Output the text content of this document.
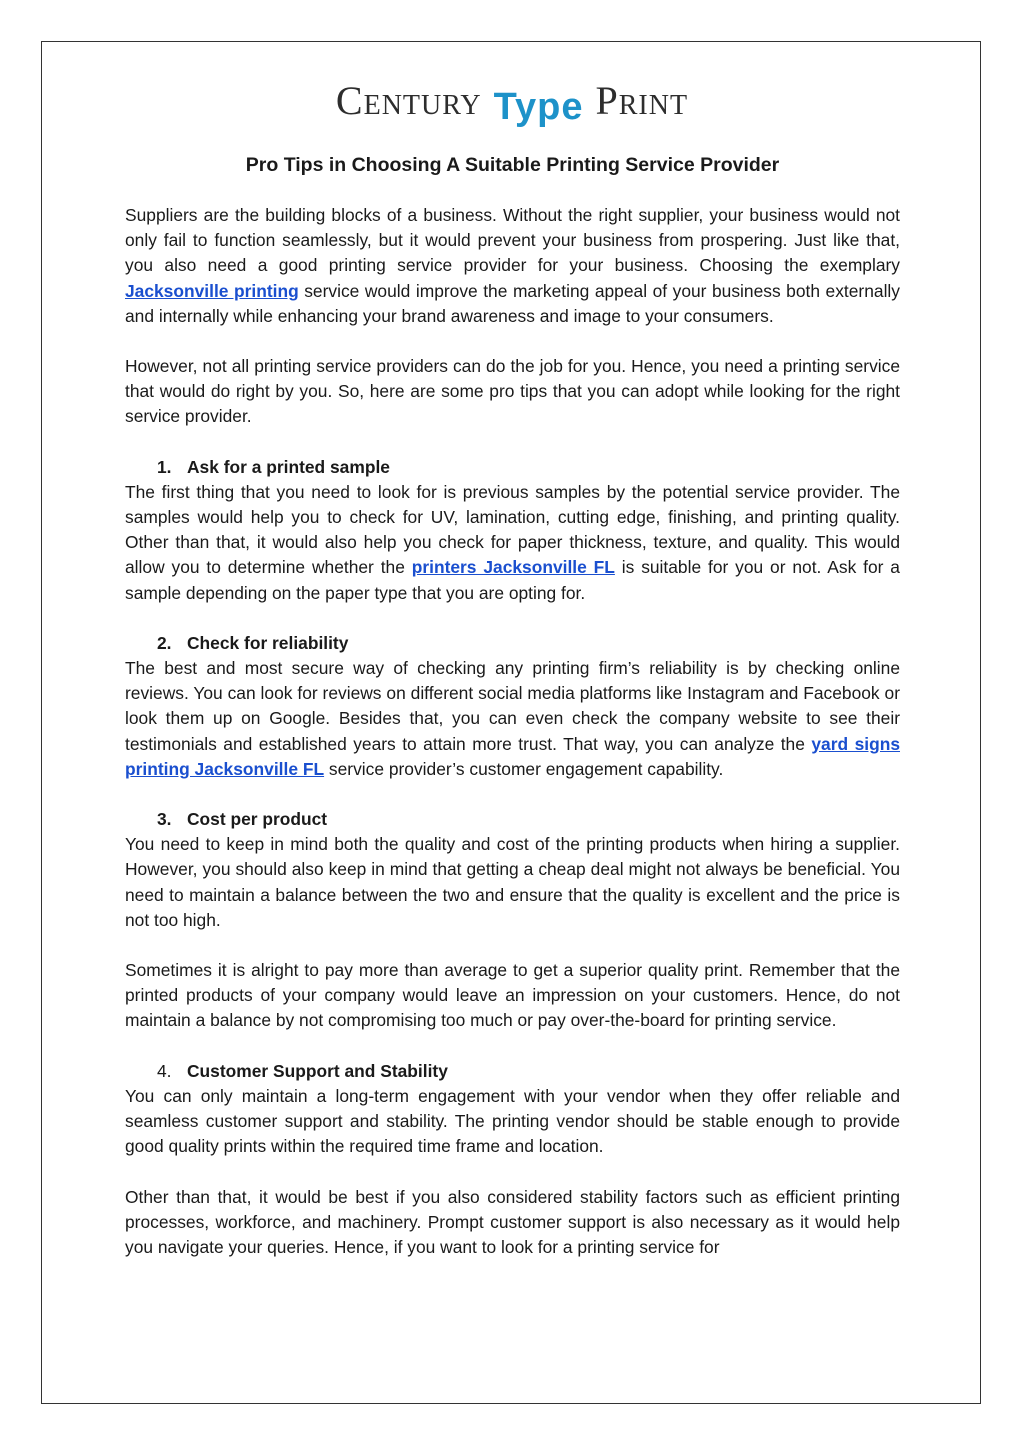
Century Type Print
Pro Tips in Choosing A Suitable Printing Service Provider

Suppliers are the building blocks of a business. Without the right supplier, your business would not only fail to function seamlessly, but it would prevent your business from prospering. Just like that, you also need a good printing service provider for your business. Choosing the exemplary Jacksonville printing service would improve the marketing appeal of your business both externally and internally while enhancing your brand awareness and image to your consumers.

However, not all printing service providers can do the job for you. Hence, you need a printing service that would do right by you. So, here are some pro tips that you can adopt while looking for the right service provider.

1. Ask for a printed sample

The first thing that you need to look for is previous samples by the potential service provider. The samples would help you to check for UV, lamination, cutting edge, finishing, and printing quality. Other than that, it would also help you check for paper thickness, texture, and quality. This would allow you to determine whether the printers Jacksonville FL is suitable for you or not. Ask for a sample depending on the paper type that you are opting for.

2. Check for reliability

The best and most secure way of checking any printing firm’s reliability is by checking online reviews. You can look for reviews on different social media platforms like Instagram and Facebook or look them up on Google. Besides that, you can even check the company website to see their testimonials and established years to attain more trust. That way, you can analyze the yard signs printing Jacksonville FL service provider’s customer engagement capability.

3. Cost per product

You need to keep in mind both the quality and cost of the printing products when hiring a supplier. However, you should also keep in mind that getting a cheap deal might not always be beneficial. You need to maintain a balance between the two and ensure that the quality is excellent and the price is not too high.

Sometimes it is alright to pay more than average to get a superior quality print. Remember that the printed products of your company would leave an impression on your customers. Hence, do not maintain a balance by not compromising too much or pay over-the-board for printing service.

4. Customer Support and Stability

You can only maintain a long-term engagement with your vendor when they offer reliable and seamless customer support and stability. The printing vendor should be stable enough to provide good quality prints within the required time frame and location.

Other than that, it would be best if you also considered stability factors such as efficient printing processes, workforce, and machinery. Prompt customer support is also necessary as it would help you navigate your queries. Hence, if you want to look for a printing service for
